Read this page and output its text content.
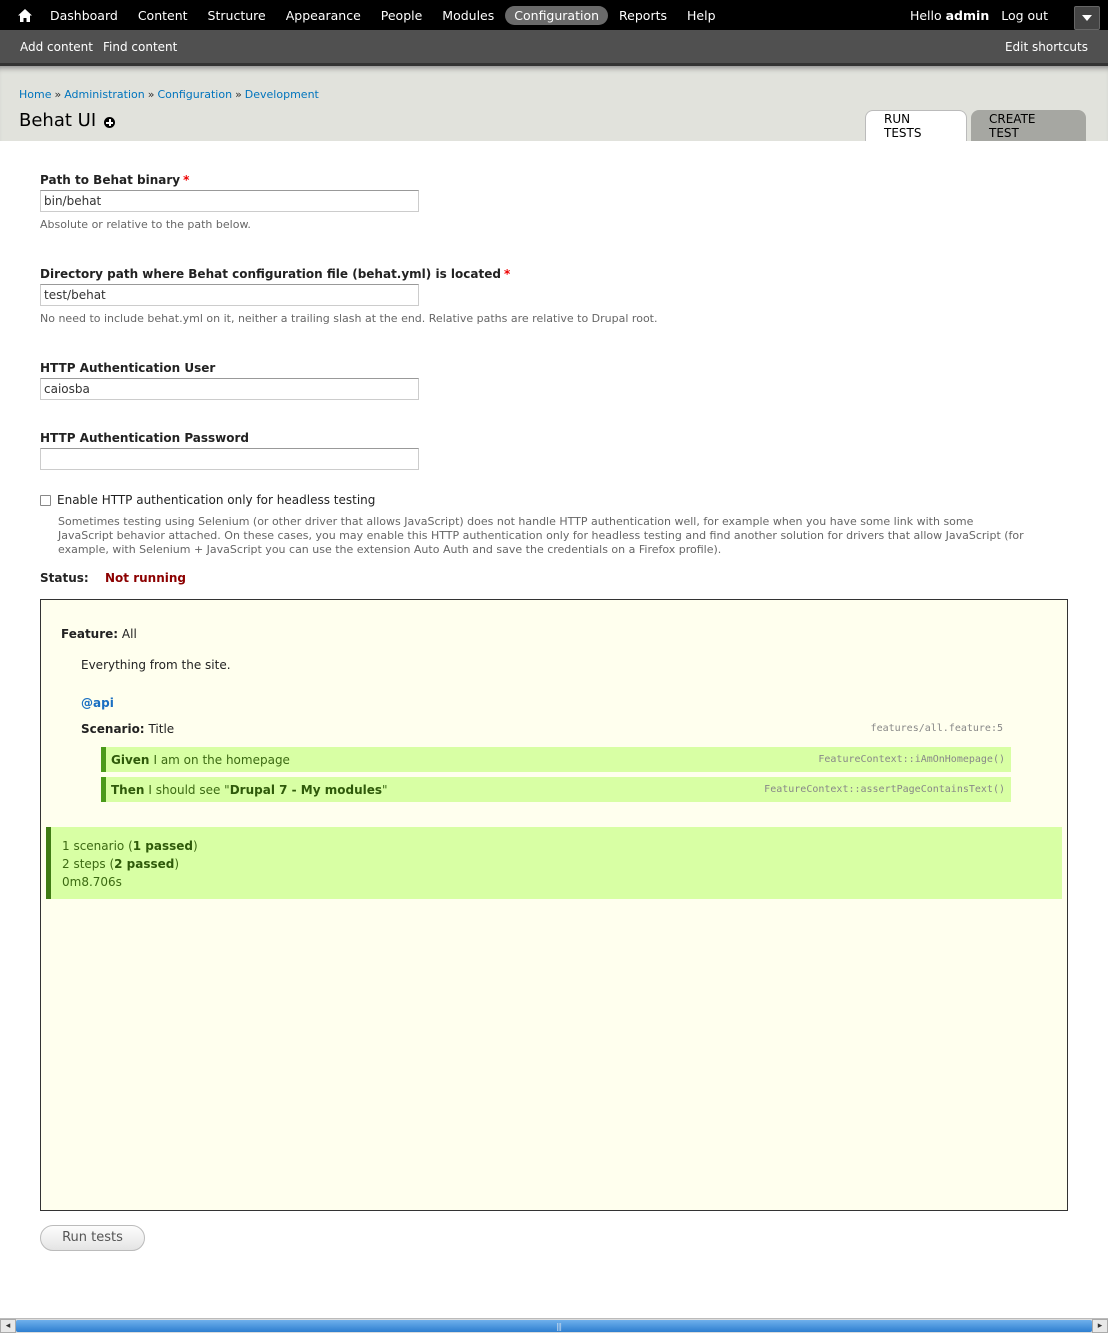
Dashboard	Content	Structure	Appearance	People	Modules	Configuration	Reports	Help	Hello admin Log out
Add content Find content	Edit shortcuts
Home » Administration » Configuration » Development
Behat UI	RUN TESTS
CREATE TEST
Path to Behat binary *
bin/behat
Absolute or relative to the path below.
Directory path where Behat configuration file (behat.yml) is located *
test/behat
No need to include behat.yml on it, neither a trailing slash at the end. Relative paths are relative to Drupal root.
HTTP Authentication User
caiosba
HTTP Authentication Password
Enable HTTP authentication only for headless testing
Sometimes testing using Selenium (or other driver that allows JavaScript) does not handle HTTP authentication well, for example when you have some link with some JavaScript behavior attached. On these cases, you may enable this HTTP authentication only for headless testing and find another solution for drivers that allow JavaScript (for example, with Selenium + JavaScript you can use the extension Auto Auth and save the credentials on a Firefox profile).
Status: Not running
Feature: All
Everything from the site.
@api
Scenario: Title	features/all.feature:5
Given I am on the homepage	FeatureContext::iAmOnHomepage()
Then I should see " Drupal 7 - My modules "	FeatureContext::assertPageContainsText()
1 scenario (1 passed)
2 steps (2 passed)
0m8.706s
Run tests
◂	|||	▸
